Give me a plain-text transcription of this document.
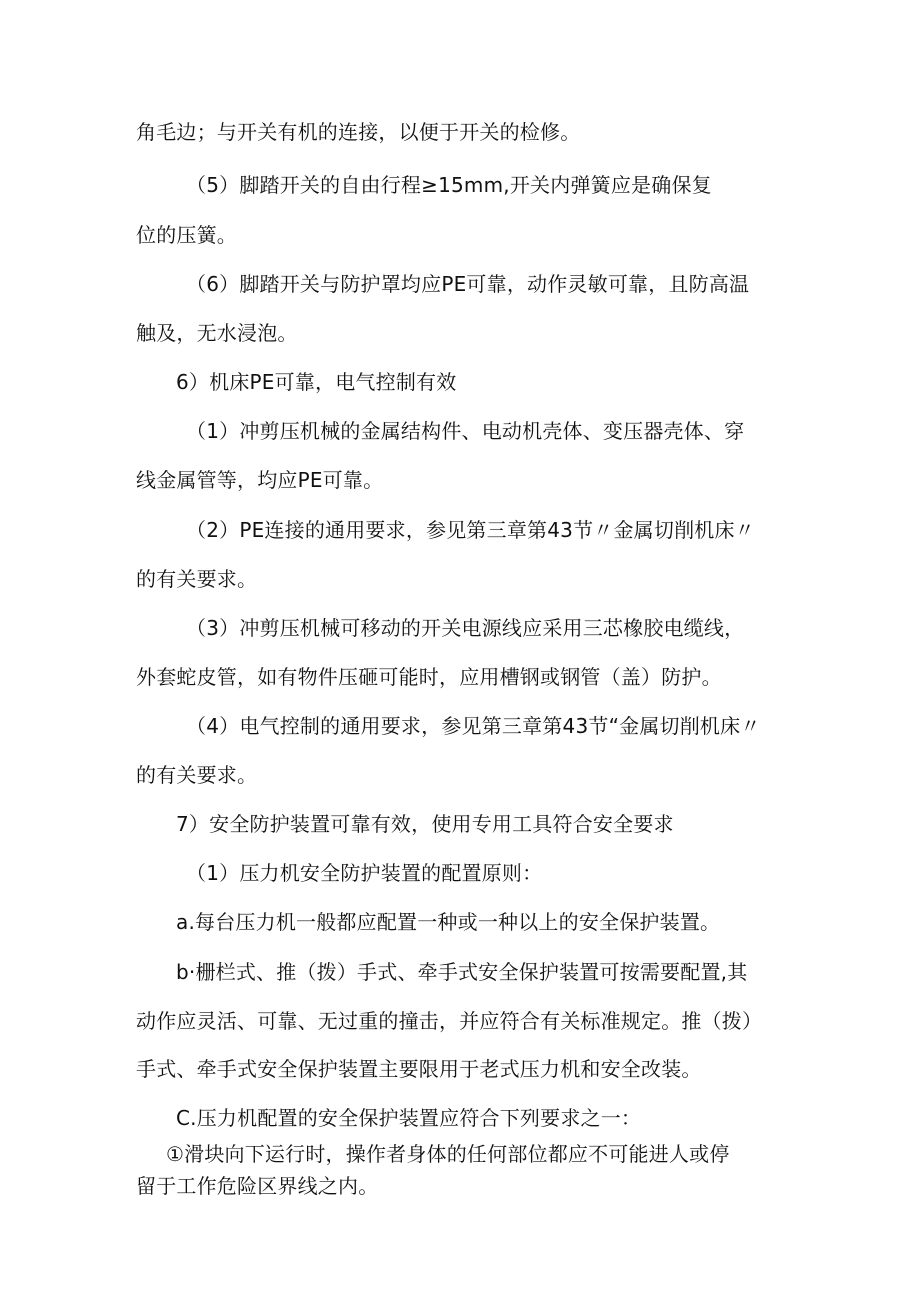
角毛边；与开关有机的连接，以便于开关的检修。
（5）脚踏开关的自由行程≥15mm,开关内弹簧应是确保复
位的压簧。
（6）脚踏开关与防护罩均应PE可靠，动作灵敏可靠，且防高温
触及，无水浸泡。
6）机床PE可靠，电气控制有效
（1）冲剪压机械的金属结构件、电动机壳体、变压器壳体、穿
线金属管等，均应PE可靠。
（2）PE连接的通用要求，参见第三章第43节〃金属切削机床〃
的有关要求。
（3）冲剪压机械可移动的开关电源线应采用三芯橡胶电缆线，
外套蛇皮管，如有物件压砸可能时，应用槽钢或钢管（盖）防护。
（4）电气控制的通用要求，参见第三章第43节“金属切削机床〃
的有关要求。
7）安全防护装置可靠有效，使用专用工具符合安全要求
（1）压力机安全防护装置的配置原则：
a.每台压力机一般都应配置一种或一种以上的安全保护装置。
b·栅栏式、推（拨）手式、牵手式安全保护装置可按需要配置,其
动作应灵活、可靠、无过重的撞击，并应符合有关标准规定。推（拨）
手式、牵手式安全保护装置主要限用于老式压力机和安全改装。
C.压力机配置的安全保护装置应符合下列要求之一：
①滑块向下运行时，操作者身体的任何部位都应不可能进人或停
留于工作危险区界线之内。
